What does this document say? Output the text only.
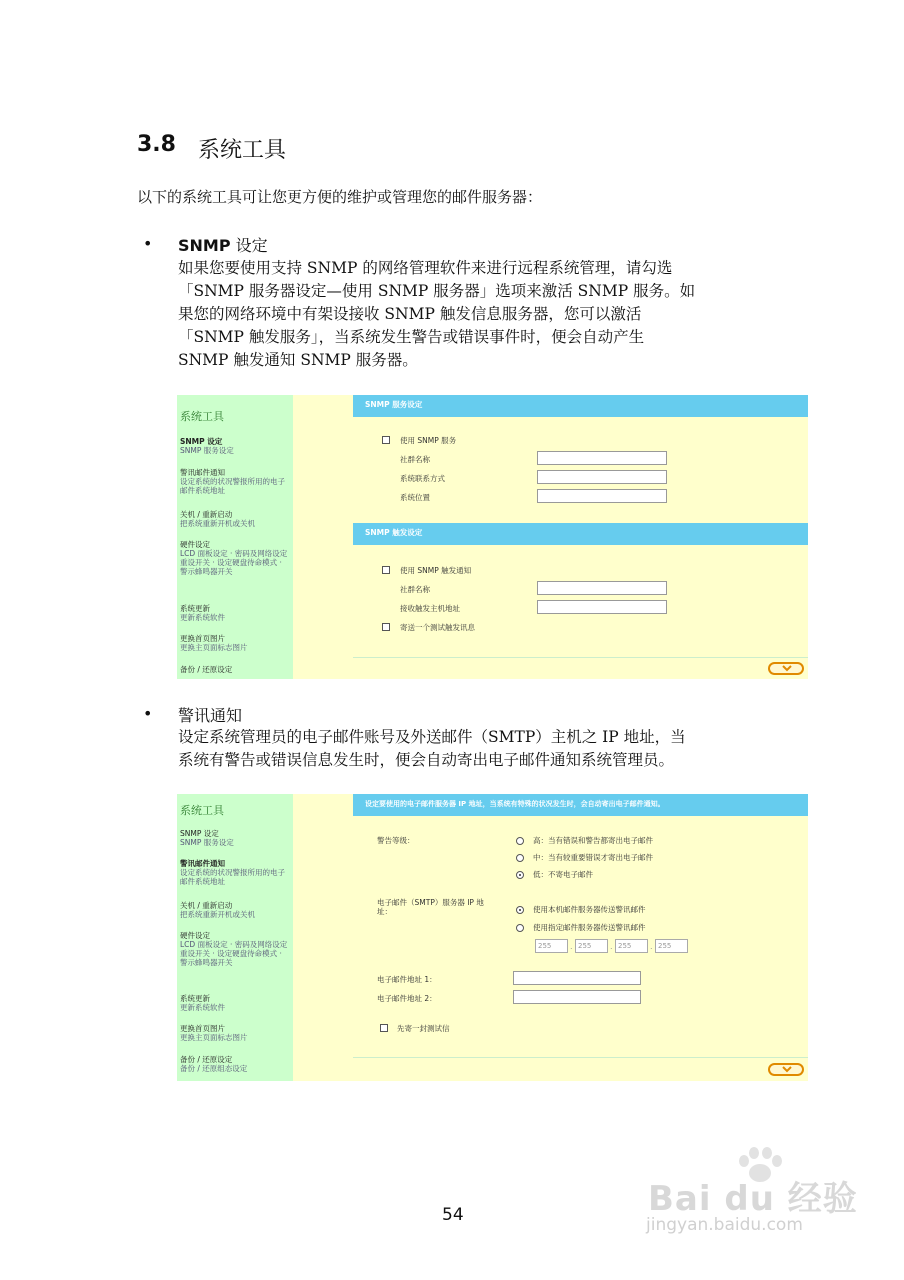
3.8 系统工具
以下的系统工具可让您更方便的维护或管理您的邮件服务器：
• SNMP 设定
如果您要使用支持 SNMP 的网络管理软件来进行远程系统管理，请勾选
「SNMP 服务器设定—使用 SNMP 服务器」选项来激活 SNMP 服务。如
果您的网络环境中有架设接收 SNMP 触发信息服务器，您可以激活
「SNMP 触发服务」，当系统发生警告或错误事件时，便会自动产生
SNMP 触发通知 SNMP 服务器。
系统工具
SNMP 设定
SNMP 服务设定
警讯邮件通知
设定系统的状况警报所用的电子邮件系统地址
关机 / 重新启动
把系统重新开机或关机
硬件设定
LCD 面板设定 · 密码及网络设定重设开关 · 设定硬盘待命模式 · 警示蜂鸣器开关
系统更新
更新系统软件
更换首页图片
更换主页面标志图片
备份 / 还原设定
SNMP 服务设定
使用 SNMP 服务
社群名称
系统联系方式
系统位置
SNMP 触发设定
使用 SNMP 触发通知
社群名称
接收触发主机地址
寄送一个测试触发讯息
• 警讯通知
设定系统管理员的电子邮件账号及外送邮件（SMTP）主机之 IP 地址，当
系统有警告或错误信息发生时，便会自动寄出电子邮件通知系统管理员。
系统工具
SNMP 设定
SNMP 服务设定
警讯邮件通知
设定系统的状况警报所用的电子邮件系统地址
关机 / 重新启动
把系统重新开机或关机
硬件设定
LCD 面板设定 · 密码及网络设定重设开关 · 设定硬盘待命模式 · 警示蜂鸣器开关
系统更新
更新系统软件
更换首页图片
更换主页面标志图片
备份 / 还原设定
备份 / 还原组态设定
设定要使用的电子邮件服务器 IP 地址，当系统有特殊的状况发生时，会自动寄出电子邮件通知。
警告等级：	高：当有错误和警告都寄出电子邮件
中：当有较重要错误才寄出电子邮件
低：不寄电子邮件
电子邮件（SMTP）服务器 IP 地址：	使用本机邮件服务器传送警讯邮件
使用指定邮件服务器传送警讯邮件
255	. 255	. 255	. 255
电子邮件地址 1：
电子邮件地址 2：
先寄一封测试信
54	Bai du 经验
jingyan.baidu.com
